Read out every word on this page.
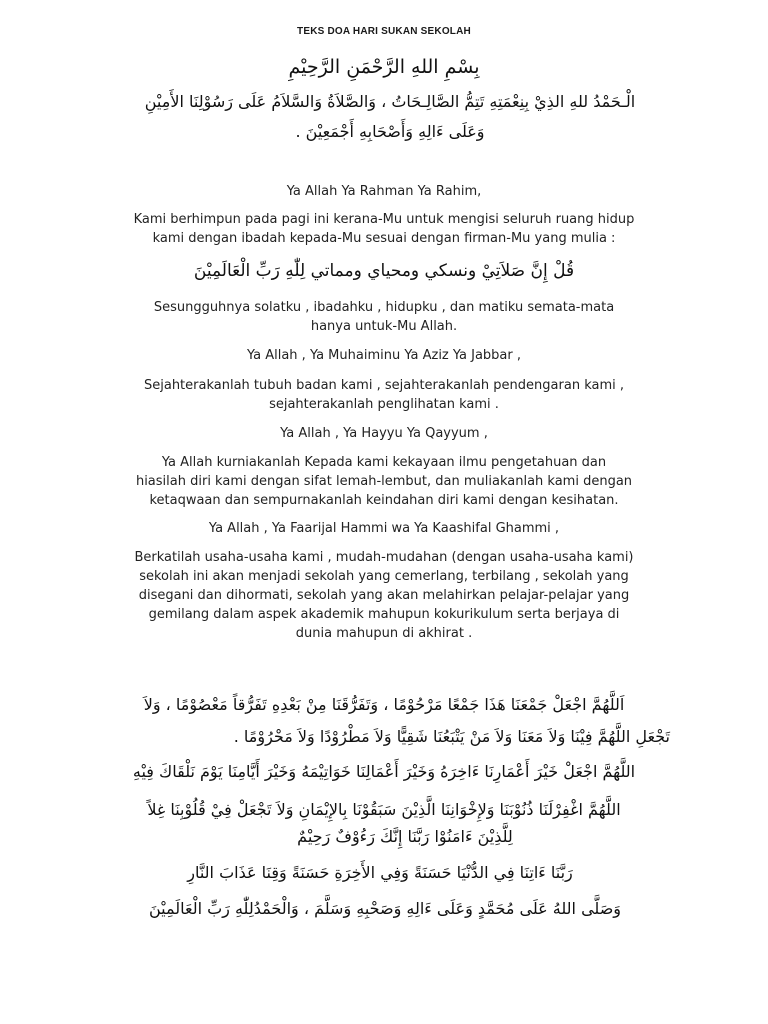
TEKS DOA HARI SUKAN SEKOLAH
بِسْمِ اللهِ الرَّحْمَنِ الرَّحِيْمِ
الْـحَمْدُ للهِ الذِيْ بِنِعْمَتِهِ تَتِمُّ الصَّالِـحَاتُ ، وَالصَّلاَةُ وَالسَّلاَمُ عَلَى رَسُوْلِنَا الأَمِيْنِ
وَعَلَى ءَالِهِ وَأَصْحَابِهِ أَجْمَعِيْنَ .
Ya Allah Ya Rahman Ya Rahim,
Kami berhimpun pada pagi ini kerana-Mu untuk mengisi seluruh ruang hidup
kami dengan ibadah kepada-Mu sesuai dengan firman-Mu yang mulia :
قُلْ إِنَّ صَلاَتِيْ ونسكي ومحياي ومماتي لِلّٰهِ رَبِّ الْعَالَمِيْنَ
Sesungguhnya solatku , ibadahku , hidupku , dan matiku semata-mata
hanya untuk-Mu Allah.
Ya Allah , Ya Muhaiminu Ya Aziz Ya Jabbar ,
Sejahterakanlah tubuh badan kami , sejahterakanlah pendengaran kami ,
sejahterakanlah penglihatan kami .
Ya Allah , Ya Hayyu Ya Qayyum ,
Ya Allah kurniakanlah Kepada kami kekayaan ilmu pengetahuan dan
hiasilah diri kami dengan sifat lemah-lembut, dan muliakanlah kami dengan
ketaqwaan dan sempurnakanlah keindahan diri kami dengan kesihatan.
Ya Allah , Ya Faarijal Hammi wa Ya Kaashifal Ghammi ,
Berkatilah usaha-usaha kami , mudah-mudahan (dengan usaha-usaha kami)
sekolah ini akan menjadi sekolah yang cemerlang, terbilang , sekolah yang
disegani dan dihormati, sekolah yang akan melahirkan pelajar-pelajar yang
gemilang dalam aspek akademik mahupun kokurikulum serta berjaya di
dunia mahupun di akhirat .
اَللَّهُمَّ اجْعَلْ جَمْعَنَا هَذَا جَمْعًا مَرْحُوْمًا ، وَتَفَرُّقَنَا مِنْ بَعْدِهِ تَفَرُّقاً مَعْصُوْمًا ، وَلاَ
تَجْعَلِ اللَّهُمَّ فِيْنَا وَلاَ مَعَنَا وَلاَ مَنْ يَتْبَعُنَا شَقِيًّا وَلاَ مَطْرُوْدًا وَلاَ مَحْرُوْمًا .
اللَّهُمَّ اجْعَلْ خَيْرَ أَعْمَارِنَا ءَاخِرَهُ وَخَيْرَ أَعْمَالِنَا خَوَاتِيْمَهُ وَخَيْرَ أَيَّامِنَا يَوْمَ نَلْقَاكَ فِيْهِ
اللَّهُمَّ اغْفِرْلَنَا ذُنُوْبَنَا وَلإِخْوَانِنَا الَّذِيْنَ سَبَقُوْنَا بِالإِيْمَانِ وَلاَ تَجْعَلْ فِيْ قُلُوْبِنَا غِلاً
لِلَّذِيْنَ ءَامَنُوْا رَبَّنَا إِنَّكَ رَءُوْفٌ رَحِيْمٌ
رَبَّنَا ءَاتِنَا فِي الدُّنْيَا حَسَنَةً وَفِي الأَخِرَةِ حَسَنَةً وَقِنَا عَذَابَ النَّارِ
وَصَلَّى اللهُ عَلَى مُحَمَّدٍ وَعَلَى ءَالِهِ وَصَحْبِهِ وَسَلَّمَ ، وَالْحَمْدُلِلّٰهِ رَبِّ الْعَالَمِيْنَ
